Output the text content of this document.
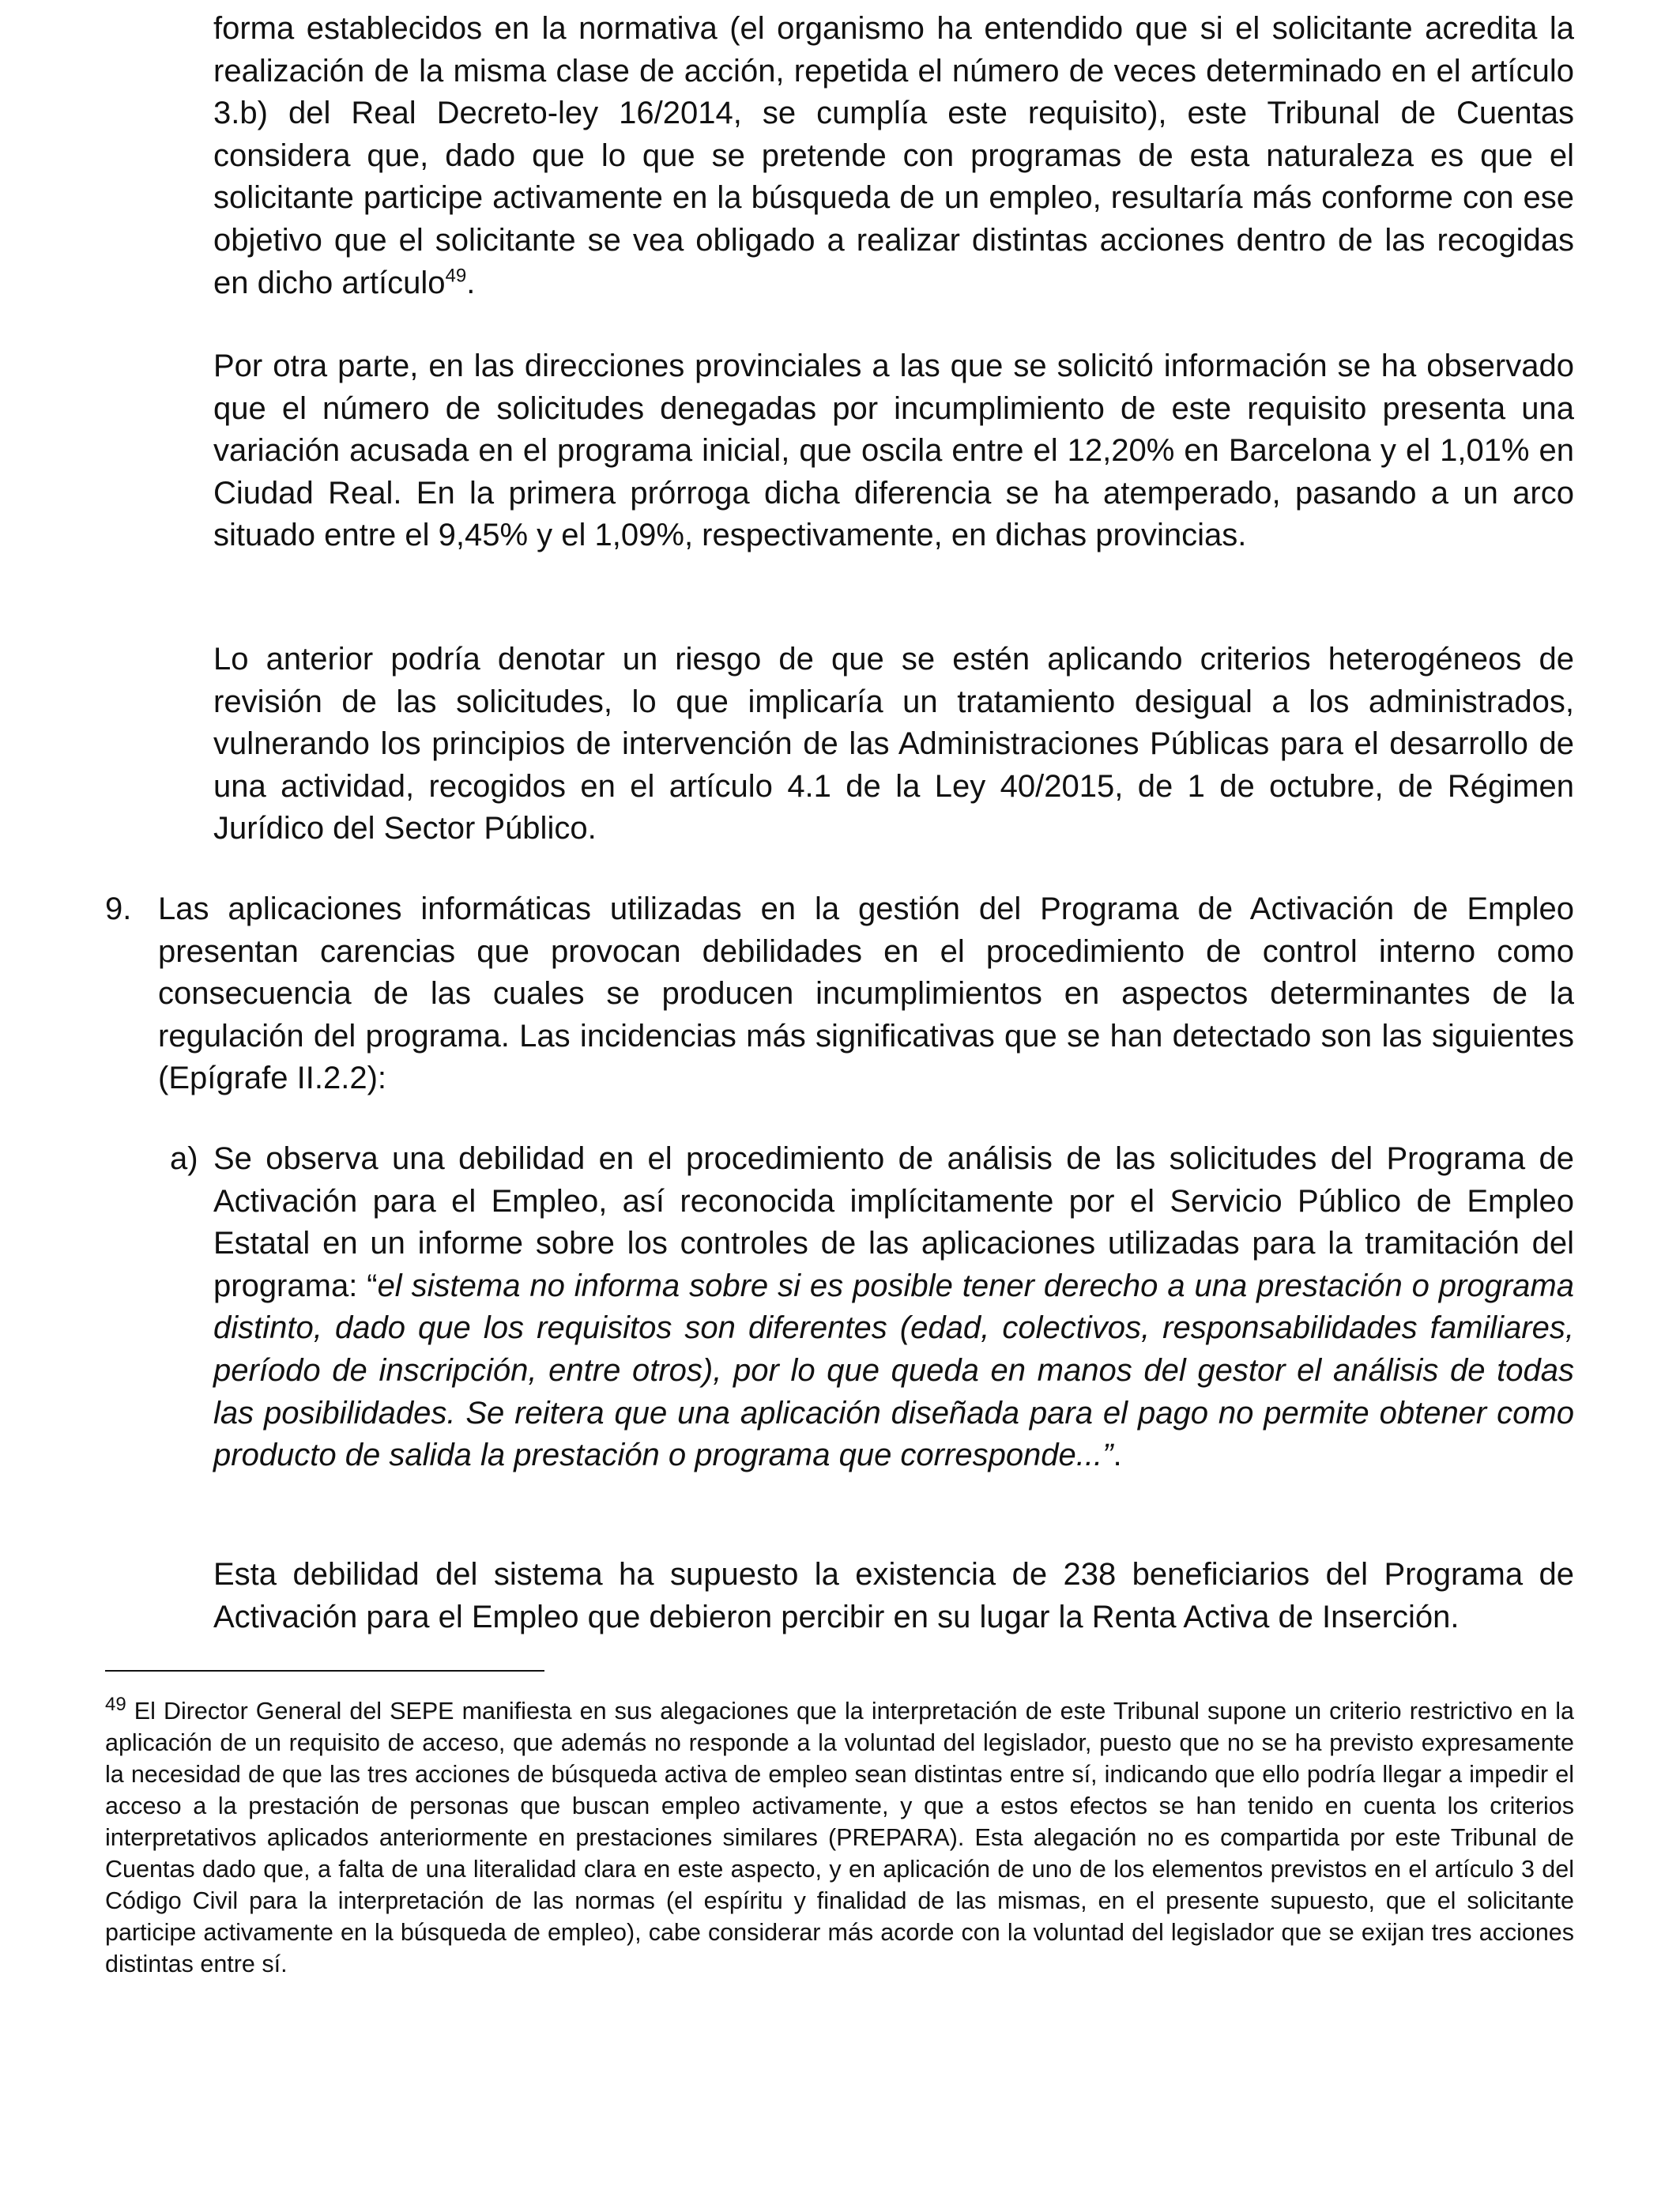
forma establecidos en la normativa (el organismo ha entendido que si el solicitante acredita la realización de la misma clase de acción, repetida el número de veces determinado en el artículo 3.b) del Real Decreto-ley 16/2014, se cumplía este requisito), este Tribunal de Cuentas considera que, dado que lo que se pretende con programas de esta naturaleza es que el solicitante participe activamente en la búsqueda de un empleo, resultaría más conforme con ese objetivo que el solicitante se vea obligado a realizar distintas acciones dentro de las recogidas en dicho artículo$^{49}$.

Por otra parte, en las direcciones provinciales a las que se solicitó información se ha observado que el número de solicitudes denegadas por incumplimiento de este requisito presenta una variación acusada en el programa inicial, que oscila entre el 12,20% en Barcelona y el 1,01% en Ciudad Real. En la primera prórroga dicha diferencia se ha atemperado, pasando a un arco situado entre el 9,45% y el 1,09%, respectivamente, en dichas provincias.

Lo anterior podría denotar un riesgo de que se estén aplicando criterios heterogéneos de revisión de las solicitudes, lo que implicaría un tratamiento desigual a los administrados, vulnerando los principios de intervención de las Administraciones Públicas para el desarrollo de una actividad, recogidos en el artículo 4.1 de la Ley 40/2015, de 1 de octubre, de Régimen Jurídico del Sector Público.

9. Las aplicaciones informáticas utilizadas en la gestión del Programa de Activación de Empleo presentan carencias que provocan debilidades en el procedimiento de control interno como consecuencia de las cuales se producen incumplimientos en aspectos determinantes de la regulación del programa. Las incidencias más significativas que se han detectado son las siguientes (Epígrafe II.2.2):
a) Se observa una debilidad en el procedimiento de análisis de las solicitudes del Programa de Activación para el Empleo, así reconocida implícitamente por el Servicio Público de Empleo Estatal en un informe sobre los controles de las aplicaciones utilizadas para la tramitación del programa: “el sistema no informa sobre si es posible tener derecho a una prestación o programa distinto, dado que los requisitos son diferentes (edad, colectivos, responsabilidades familiares, período de inscripción, entre otros), por lo que queda en manos del gestor el análisis de todas las posibilidades. Se reitera que una aplicación diseñada para el pago no permite obtener como producto de salida la prestación o programa que corresponde...”.

Esta debilidad del sistema ha supuesto la existencia de 238 beneficiarios del Programa de Activación para el Empleo que debieron percibir en su lugar la Renta Activa de Inserción.

$^{49}$ El Director General del SEPE manifiesta en sus alegaciones que la interpretación de este Tribunal supone un criterio restrictivo en la aplicación de un requisito de acceso, que además no responde a la voluntad del legislador, puesto que no se ha previsto expresamente la necesidad de que las tres acciones de búsqueda activa de empleo sean distintas entre sí, indicando que ello podría llegar a impedir el acceso a la prestación de personas que buscan empleo activamente, y que a estos efectos se han tenido en cuenta los criterios interpretativos aplicados anteriormente en prestaciones similares (PREPARA). Esta alegación no es compartida por este Tribunal de Cuentas dado que, a falta de una literalidad clara en este aspecto, y en aplicación de uno de los elementos previstos en el artículo 3 del Código Civil para la interpretación de las normas (el espíritu y finalidad de las mismas, en el presente supuesto, que el solicitante participe activamente en la búsqueda de empleo), cabe considerar más acorde con la voluntad del legislador que se exijan tres acciones distintas entre sí.
